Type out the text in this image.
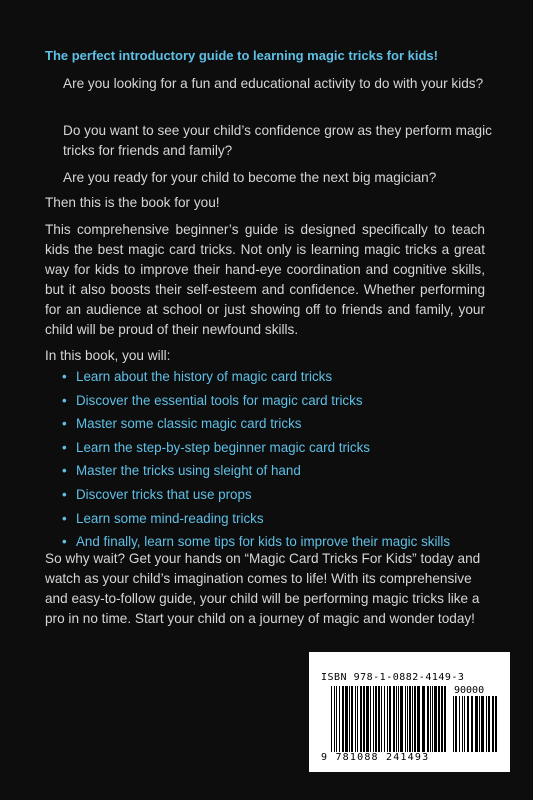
The perfect introductory guide to learning magic tricks for kids!
Are you looking for a fun and educational activity to do with your kids?
Do you want to see your child’s confidence grow as they perform magic tricks for friends and family?
Are you ready for your child to become the next big magician?
Then this is the book for you!
This comprehensive beginner’s guide is designed specifically to teach kids the best magic card tricks. Not only is learning magic tricks a great way for kids to improve their hand-eye coordination and cognitive skills, but it also boosts their self-esteem and confidence. Whether performing for an audience at school or just showing off to friends and family, your child will be proud of their newfound skills.
In this book, you will:
• Learn about the history of magic card tricks
• Discover the essential tools for magic card tricks
• Master some classic magic card tricks
• Learn the step-by-step beginner magic card tricks
• Master the tricks using sleight of hand
• Discover tricks that use props
• Learn some mind-reading tricks
• And finally, learn some tips for kids to improve their magic skills
So why wait? Get your hands on “Magic Card Tricks For Kids” today and watch as your child’s imagination comes to life! With its comprehensive and easy-to-follow guide, your child will be performing magic tricks like a pro in no time. Start your child on a journey of magic and wonder today!
ISBN 978-1-0882-4149-3
90000
9 781088 241493
